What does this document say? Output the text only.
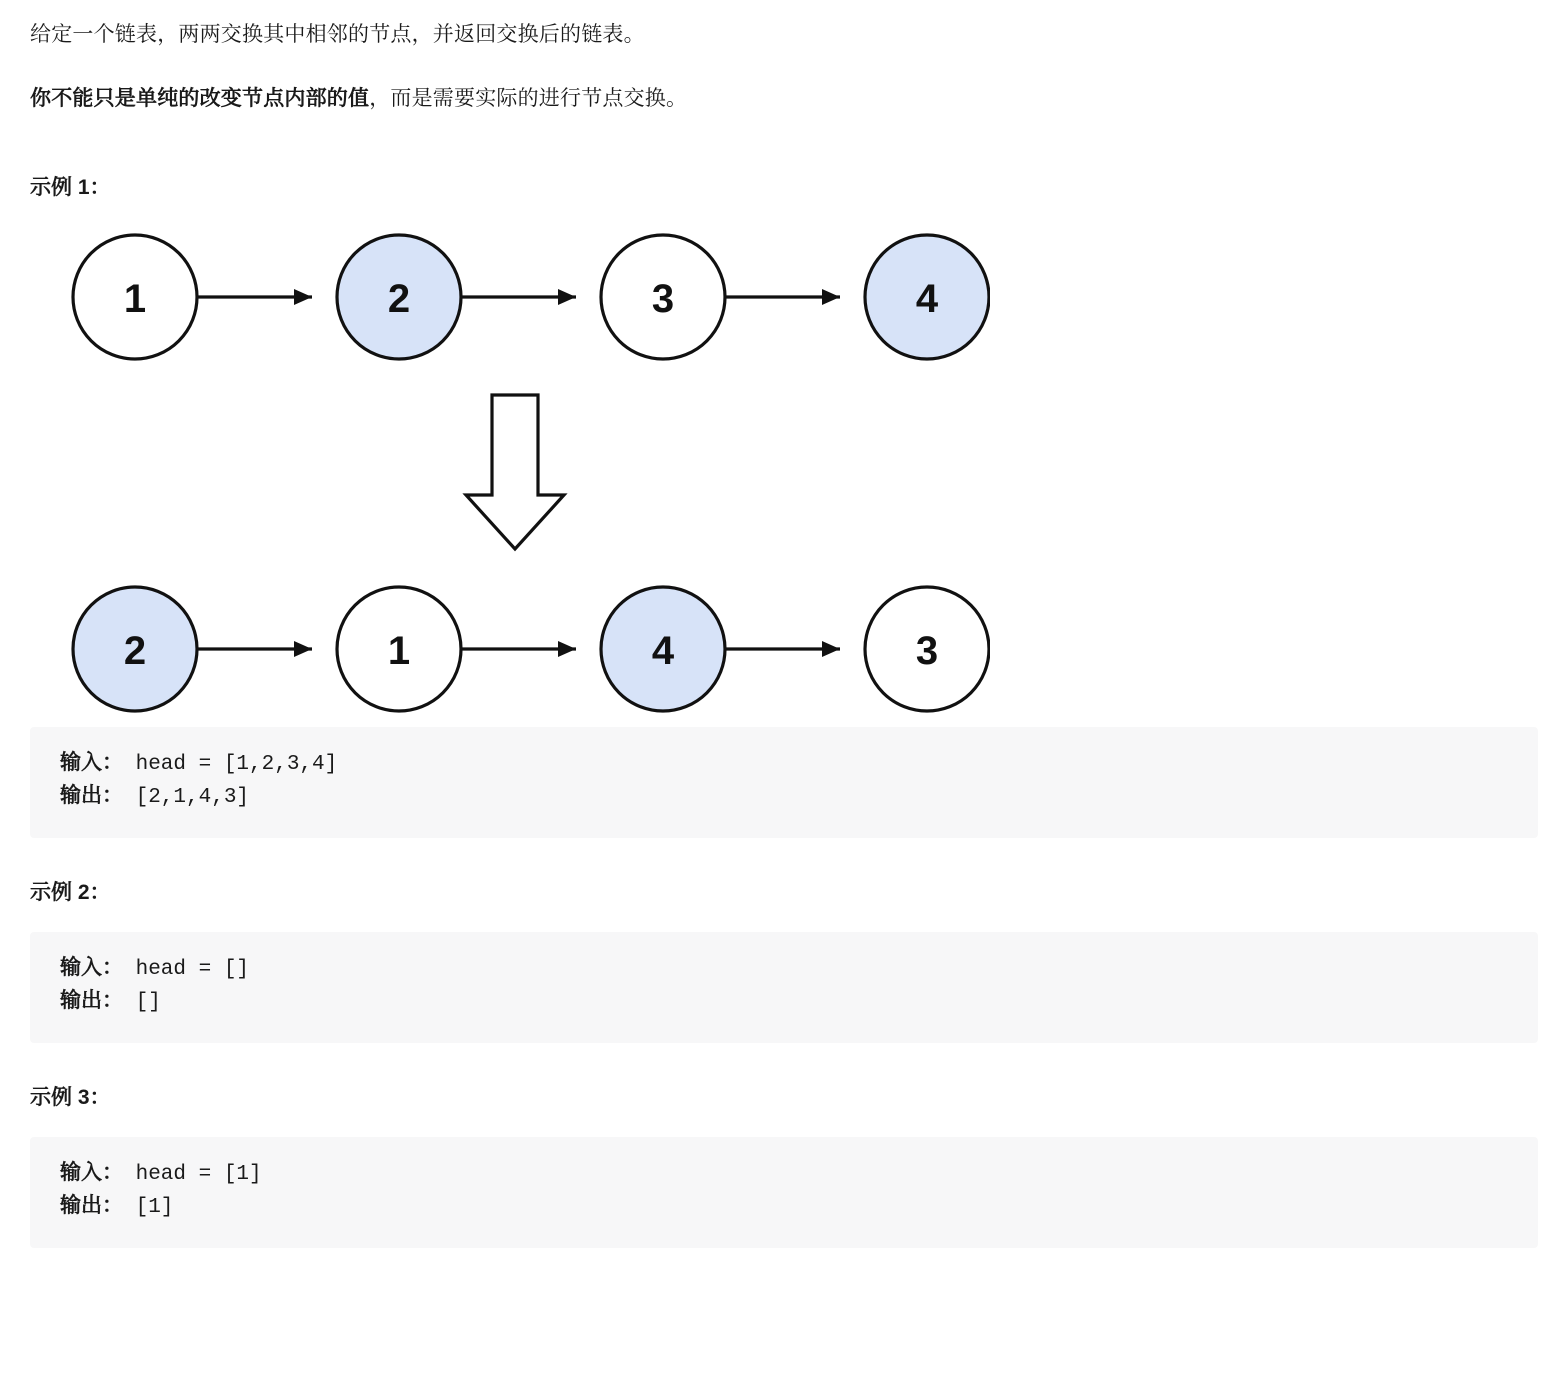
给定一个链表，两两交换其中相邻的节点，并返回交换后的链表。

你不能只是单纯的改变节点内部的值，而是需要实际的进行节点交换。

示例 1：

1	2	3	4
2	1	4	3
输入： head = [1,2,3,4]
输出： [2,1,4,3]

示例 2：

输入： head = []
输出： []

示例 3：

输入： head = [1]
输出： [1]
